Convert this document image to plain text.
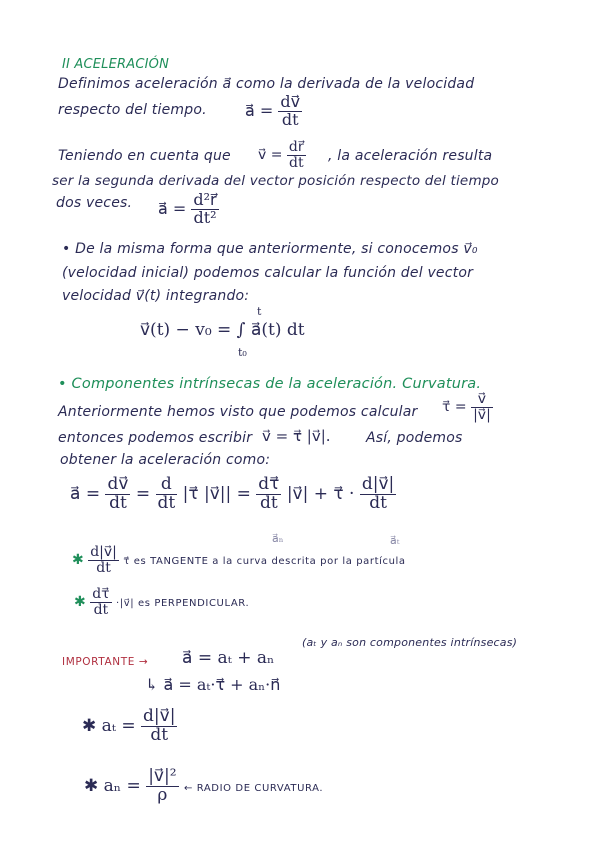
II ACELERACIÓN
Definimos aceleración a⃗ como la derivada de la velocidad
respecto del tiempo. a⃗ = $\frac{dv⃗}{dt}$
Teniendo en cuenta que v⃗ = $\frac{dr⃗}{dt}$ , la aceleración resulta
ser la segunda derivada del vector posición respecto del tiempo
dos veces. a⃗ = $\frac{\text{d²r⃗}}{\text{dt²}}$
• De la misma forma que anteriormente, si conocemos v⃗₀
(velocidad inicial) podemos calcular la función del vector
velocidad v⃗(t) integrando:
v⃗(t) − v₀ = ∫ a⃗(t) dt
t
t₀
• Componentes intrínsecas de la aceleración. Curvatura.
Anteriormente hemos visto que podemos calcular τ⃗ = $\frac{v⃗}{|v⃗|}$
entonces podemos escribir v⃗ = τ⃗ |v⃗|.	Así, podemos
obtener la aceleración como:
a⃗ = $\frac{dv⃗}{dt} = \frac{d}{dt}$ |τ⃗ |v⃗|| = $\frac{d\tau⃗}{dt}$ |v⃗| + τ⃗ · $\frac{d|v⃗|}{dt}$
a⃗ₙ	a⃗ₜ
✱ $\frac{d|v⃗|}{dt}$ τ⃗ es TANGENTE a la curva descrita por la partícula
✱ $\frac{d\tau⃗}{dt}$ ·|v⃗| es PERPENDICULAR.
IMPORTANTE → a⃗ = aₜ + aₙ
(aₜ y aₙ son componentes intrínsecas)
↳ a⃗ = aₜ·τ⃗ + aₙ·n⃗
✱ $a_t = \frac{d|v⃗|}{dt}$
✱ $a_n = \frac{\text{|v⃗|²}}{\rho}$ ← RADIO DE CURVATURA.
